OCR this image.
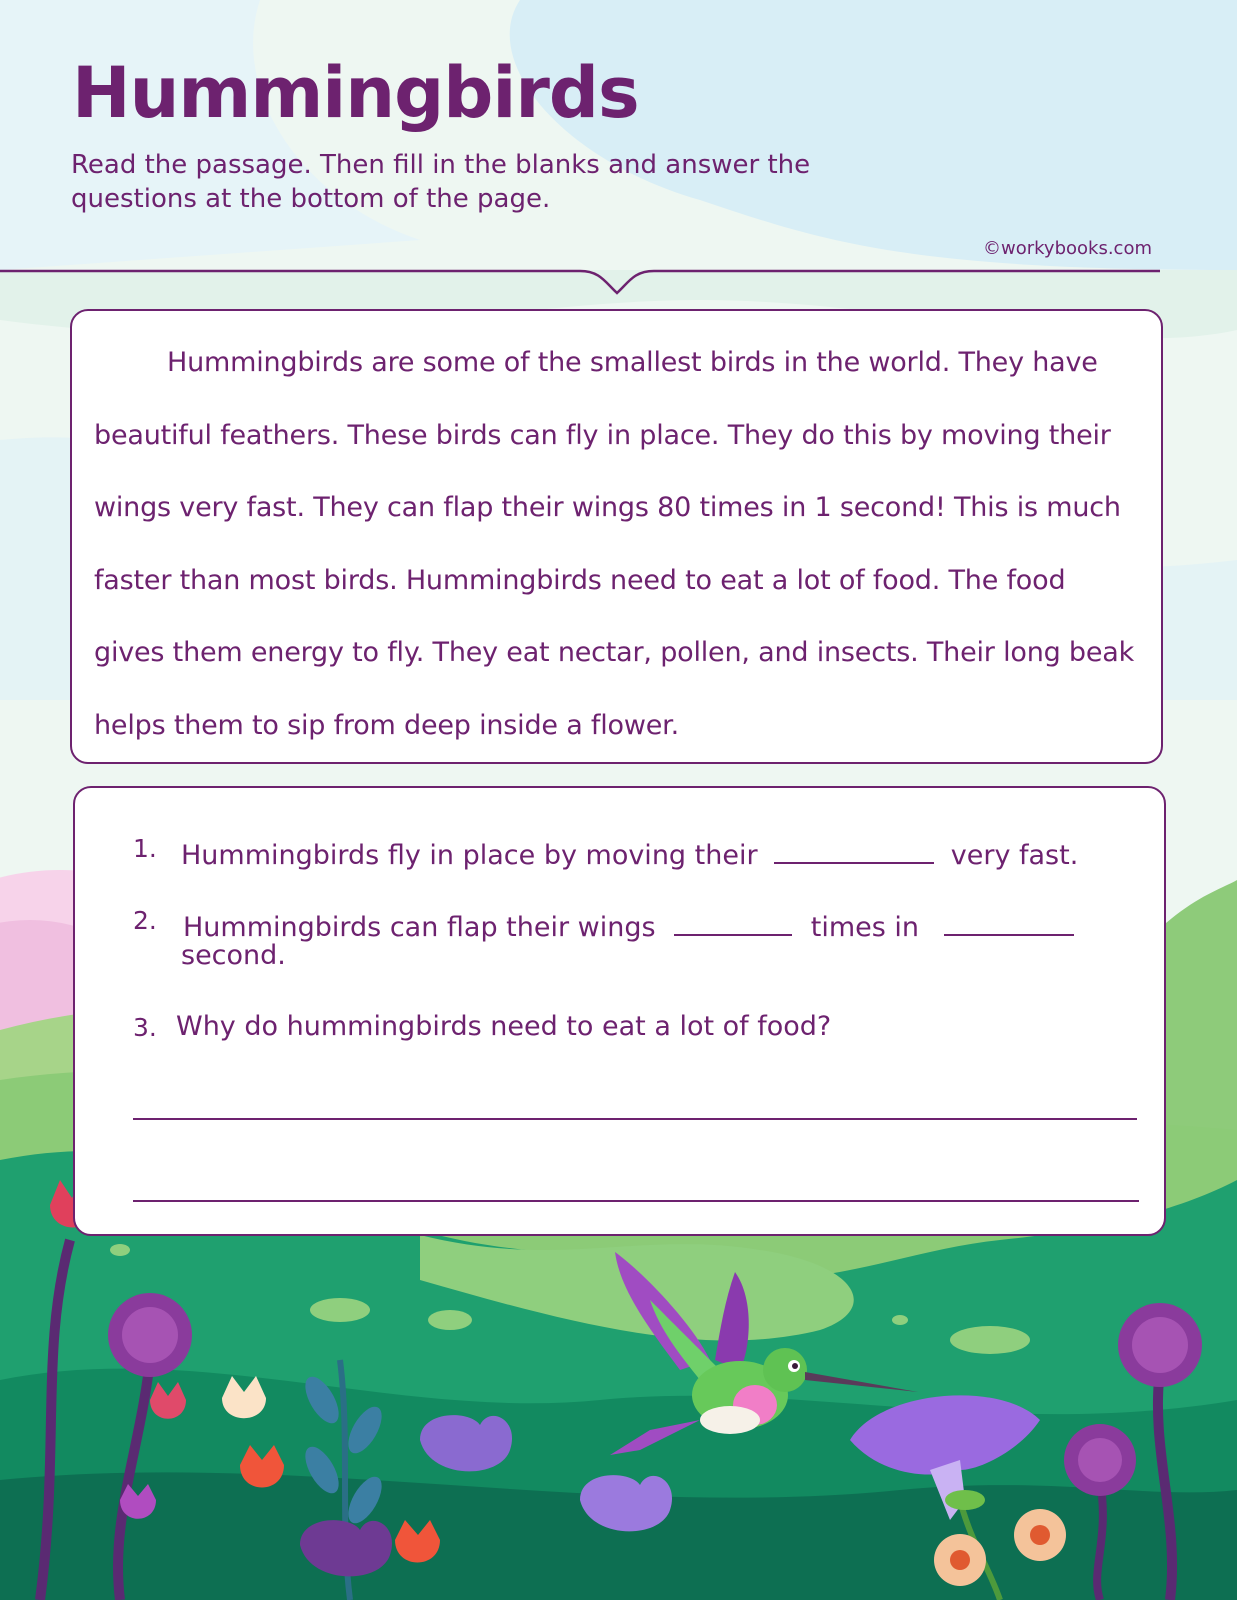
Hummingbirds

Read the passage. Then fill in the blanks and answer the questions at the bottom of the page.

©workybooks.com

Hummingbirds are some of the smallest birds in the world. They have beautiful feathers. These birds can fly in place. They do this by moving their wings very fast. They can flap their wings 80 times in 1 second! This is much faster than most birds. Hummingbirds need to eat a lot of food. The food gives them energy to fly. They eat nectar, pollen, and insects. Their long beak helps them to sip from deep inside a flower.

1. Hummingbirds fly in place by moving their	very fast.
2. Hummingbirds can flap their wings	times in
second.
3. Why do hummingbirds need to eat a lot of food?
